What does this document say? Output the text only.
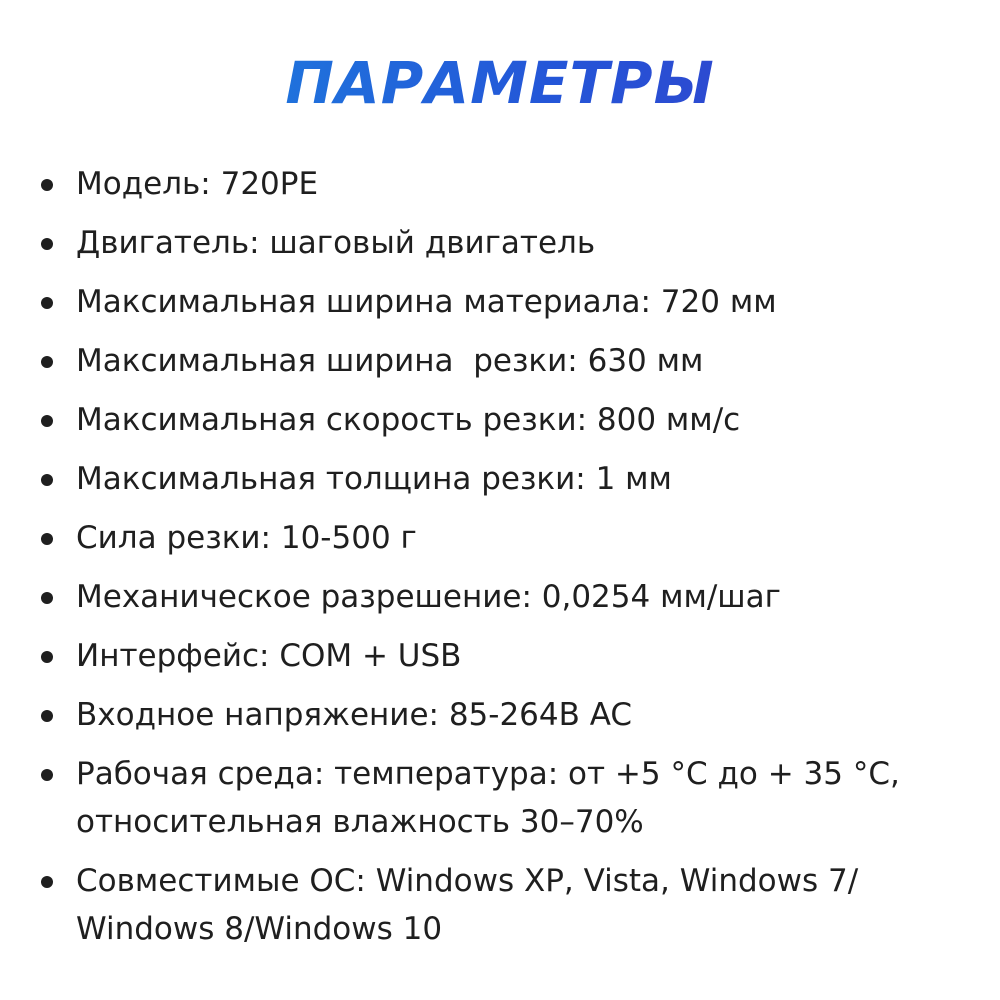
ПАРАМЕТРЫ
Модель: 720PE
Двигатель: шаговый двигатель
Максимальная ширина материала: 720 мм
Максимальная ширина  резки: 630 мм
Максимальная скорость резки: 800 мм/с
Максимальная толщина резки: 1 мм
Сила резки: 10-500 г
Механическое разрешение: 0,0254 мм/шаг
Интерфейс: COM + USB
Входное напряжение: 85-264В AC
Рабочая среда: температура: от +5 °C до + 35 °C,
относительная влажность 30–70%
Совместимые ОС: Windows XP, Vista, Windows 7/
Windows 8/Windows 10
